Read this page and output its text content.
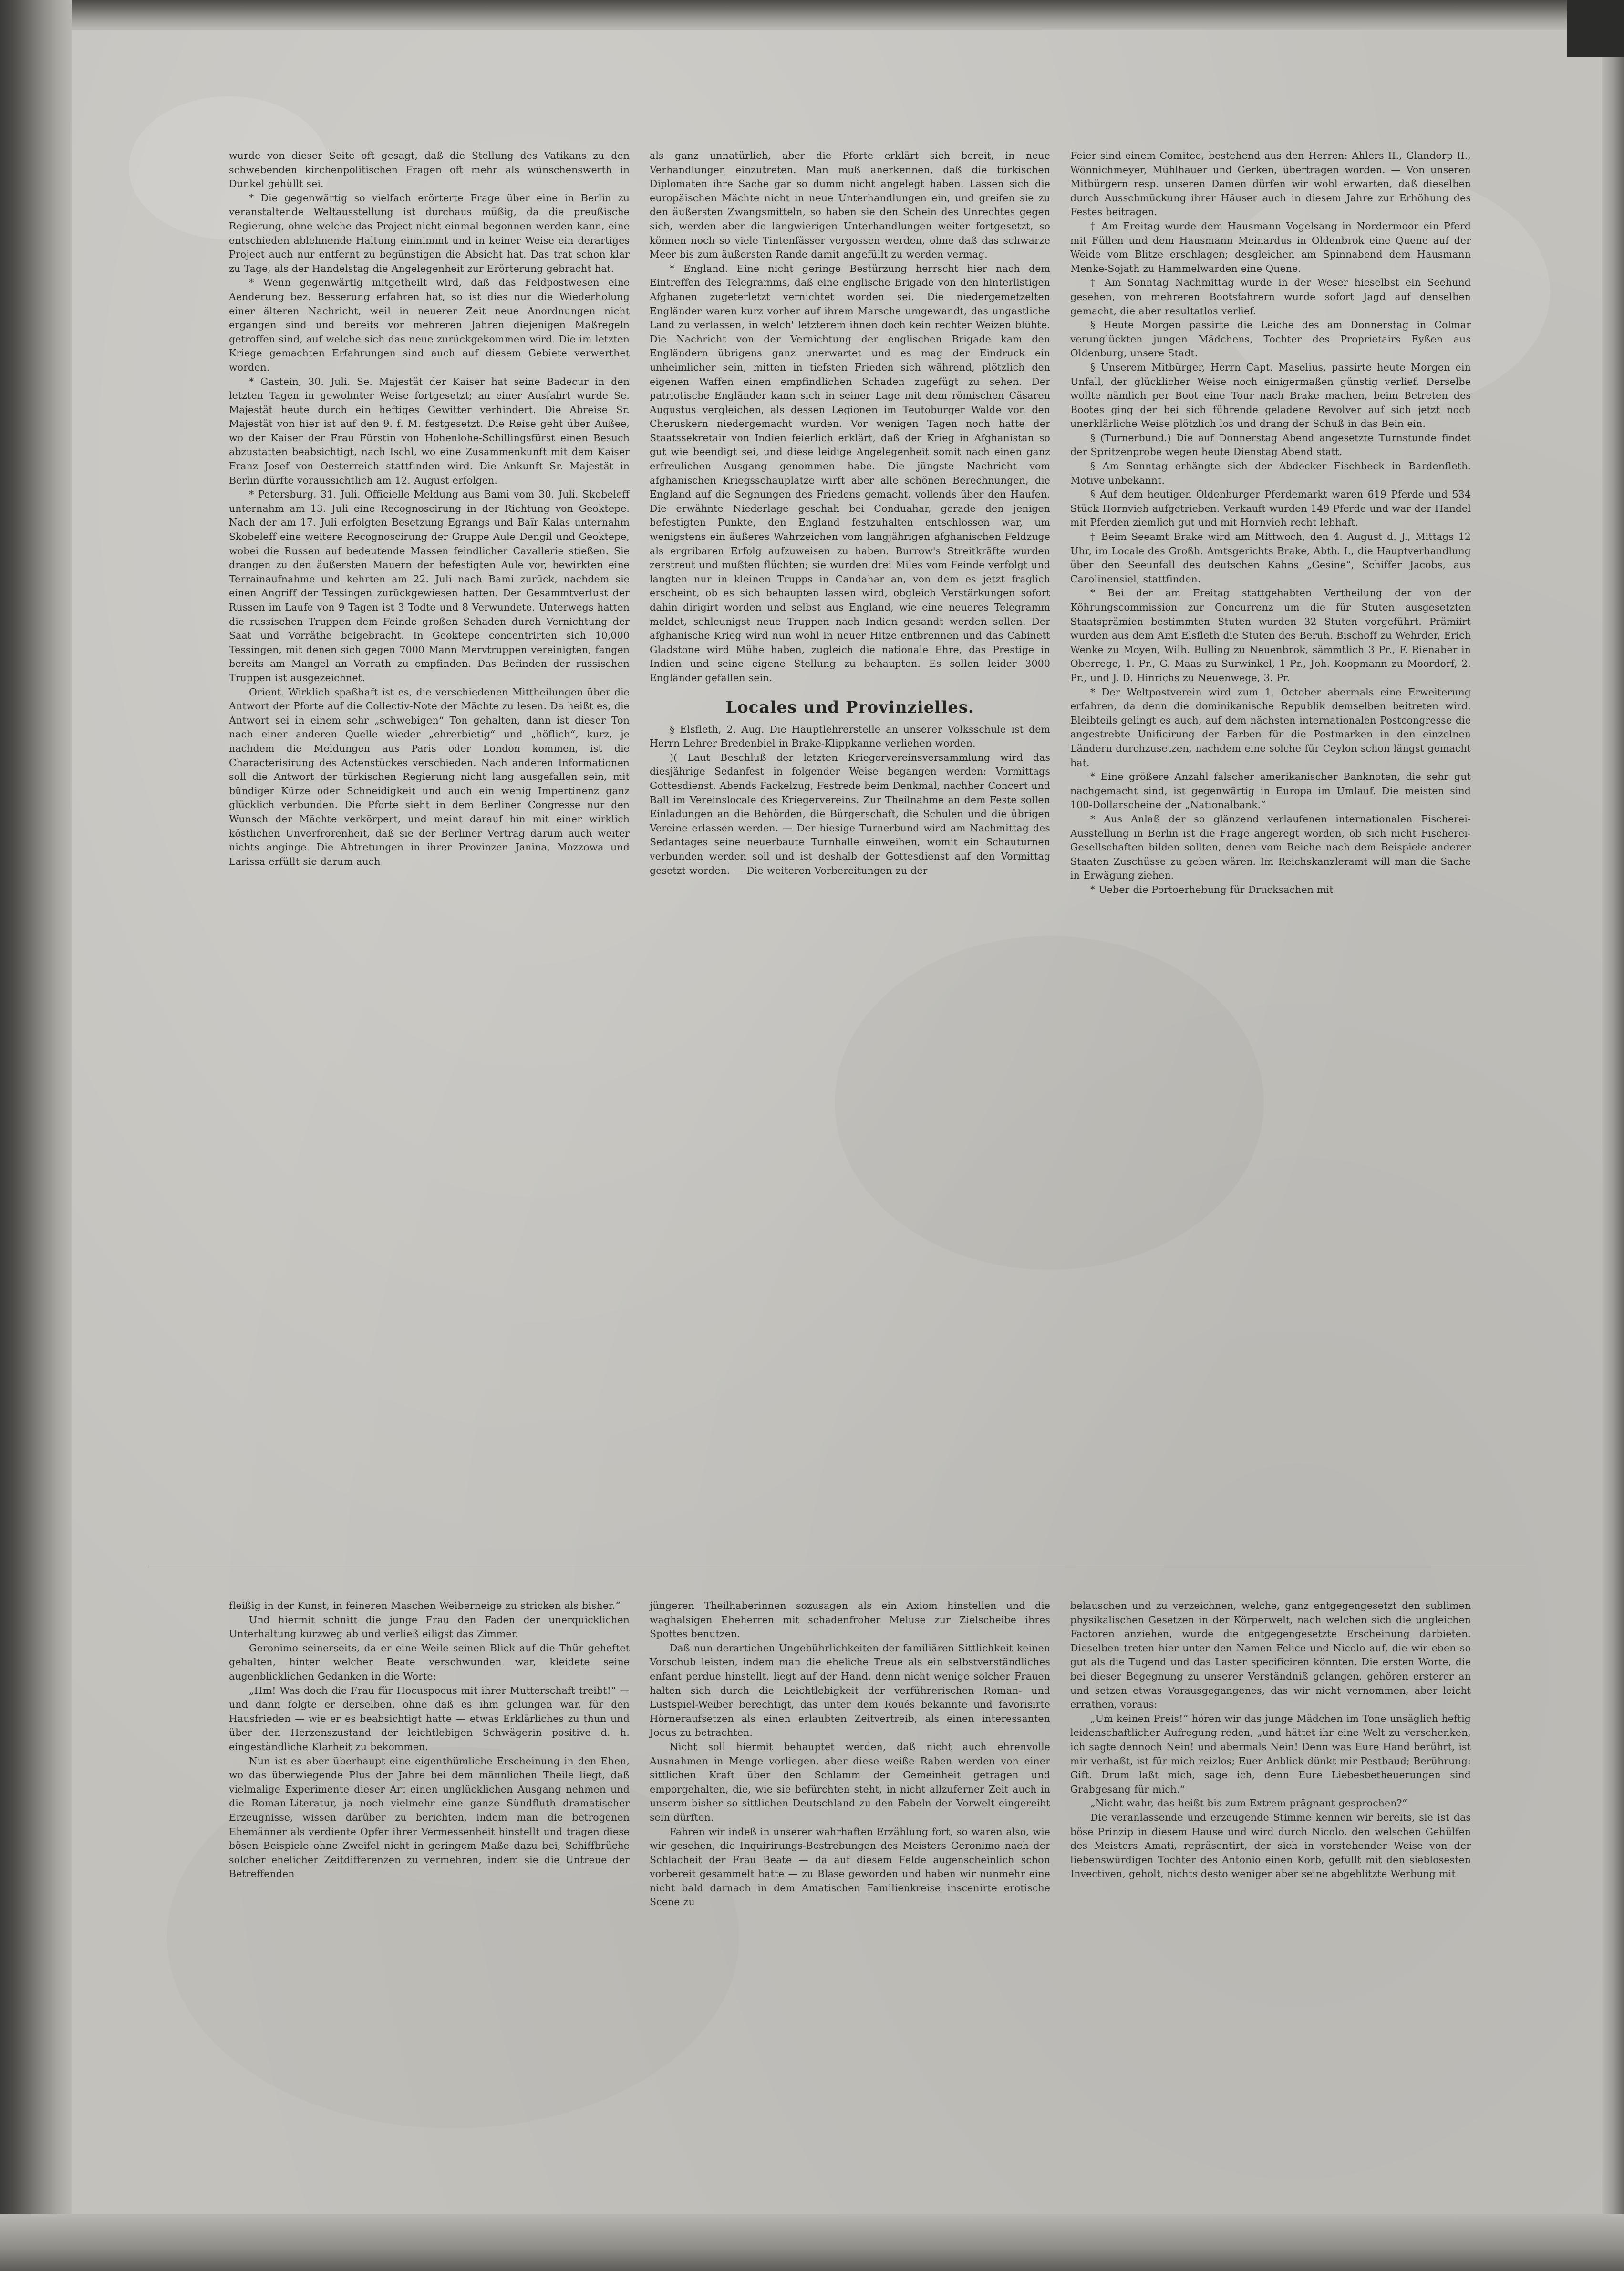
wurde von dieser Seite oft gesagt, daß die Stellung des Vatikans zu den schwebenden kirchenpolitischen Fragen oft mehr als wünschenswerth in Dunkel gehüllt sei.

* Die gegenwärtig so vielfach erörterte Frage über eine in Berlin zu veranstaltende Weltausstellung ist durchaus müßig, da die preußische Regierung, ohne welche das Project nicht einmal begonnen werden kann, eine entschieden ablehnende Haltung einnimmt und in keiner Weise ein derartiges Project auch nur entfernt zu begünstigen die Absicht hat. Das trat schon klar zu Tage, als der Handelstag die Angelegenheit zur Erörterung gebracht hat.

* Wenn gegenwärtig mitgetheilt wird, daß das Feldpostwesen eine Aenderung bez. Besserung erfahren hat, so ist dies nur die Wiederholung einer älteren Nachricht, weil in neuerer Zeit neue Anordnungen nicht ergangen sind und bereits vor mehreren Jahren diejenigen Maßregeln getroffen sind, auf welche sich das neue zurückgekommen wird. Die im letzten Kriege gemachten Erfahrungen sind auch auf diesem Gebiete verwerthet worden.

* Gastein, 30. Juli. Se. Majestät der Kaiser hat seine Badecur in den letzten Tagen in gewohnter Weise fortgesetzt; an einer Ausfahrt wurde Se. Majestät heute durch ein heftiges Gewitter verhindert. Die Abreise Sr. Majestät von hier ist auf den 9. f. M. festgesetzt. Die Reise geht über Außee, wo der Kaiser der Frau Fürstin von Hohenlohe-Schillingsfürst einen Besuch abzustatten beabsichtigt, nach Ischl, wo eine Zusammenkunft mit dem Kaiser Franz Josef von Oesterreich stattfinden wird. Die Ankunft Sr. Majestät in Berlin dürfte voraussichtlich am 12. August erfolgen.

* Petersburg, 31. Juli. Officielle Meldung aus Bami vom 30. Juli. Skobeleff unternahm am 13. Juli eine Recognoscirung in der Richtung von Geoktepe. Nach der am 17. Juli erfolgten Besetzung Egrangs und Baïr Kalas unternahm Skobeleff eine weitere Recognoscirung der Gruppe Aule Dengil und Geoktepe, wobei die Russen auf bedeutende Massen feindlicher Cavallerie stießen. Sie drangen zu den äußersten Mauern der befestigten Aule vor, bewirkten eine Terrainaufnahme und kehrten am 22. Juli nach Bami zurück, nachdem sie einen Angriff der Tessingen zurückgewiesen hatten. Der Gesammtverlust der Russen im Laufe von 9 Tagen ist 3 Todte und 8 Verwundete. Unterwegs hatten die russischen Truppen dem Feinde großen Schaden durch Vernichtung der Saat und Vorräthe beigebracht. In Geoktepe concentrirten sich 10,000 Tessingen, mit denen sich gegen 7000 Mann Mervtruppen vereinigten, fangen bereits am Mangel an Vorrath zu empfinden. Das Befinden der russischen Truppen ist ausgezeichnet.

Orient. Wirklich spaßhaft ist es, die verschiedenen Mittheilungen über die Antwort der Pforte auf die Collectiv-Note der Mächte zu lesen. Da heißt es, die Antwort sei in einem sehr „schwebigen“ Ton gehalten, dann ist dieser Ton nach einer anderen Quelle wieder „ehrerbietig“ und „höflich“, kurz, je nachdem die Meldungen aus Paris oder London kommen, ist die Characterisirung des Actenstückes verschieden. Nach anderen Informationen soll die Antwort der türkischen Regierung nicht lang ausgefallen sein, mit bündiger Kürze oder Schneidigkeit und auch ein wenig Impertinenz ganz glücklich verbunden. Die Pforte sieht in dem Berliner Congresse nur den Wunsch der Mächte verkörpert, und meint darauf hin mit einer wirklich köstlichen Unverfrorenheit, daß sie der Berliner Vertrag darum auch weiter nichts anginge. Die Abtretungen in ihrer Provinzen Janina, Mozzowa und Larissa erfüllt sie darum auch

als ganz unnatürlich, aber die Pforte erklärt sich bereit, in neue Verhandlungen einzutreten. Man muß anerkennen, daß die türkischen Diplomaten ihre Sache gar so dumm nicht angelegt haben. Lassen sich die europäischen Mächte nicht in neue Unterhandlungen ein, und greifen sie zu den äußersten Zwangsmitteln, so haben sie den Schein des Unrechtes gegen sich, werden aber die langwierigen Unterhandlungen weiter fortgesetzt, so können noch so viele Tintenfässer vergossen werden, ohne daß das schwarze Meer bis zum äußersten Rande damit angefüllt zu werden vermag.

* England. Eine nicht geringe Bestürzung herrscht hier nach dem Eintreffen des Telegramms, daß eine englische Brigade von den hinterlistigen Afghanen zugeterletzt vernichtet worden sei. Die niedergemetzelten Engländer waren kurz vorher auf ihrem Marsche umgewandt, das ungastliche Land zu verlassen, in welch' letzterem ihnen doch kein rechter Weizen blühte. Die Nachricht von der Vernichtung der englischen Brigade kam den Engländern übrigens ganz unerwartet und es mag der Eindruck ein unheimlicher sein, mitten in tiefsten Frieden sich während, plötzlich den eigenen Waffen einen empfindlichen Schaden zugefügt zu sehen. Der patriotische Engländer kann sich in seiner Lage mit dem römischen Cäsaren Augustus vergleichen, als dessen Legionen im Teutoburger Walde von den Cheruskern niedergemacht wurden. Vor wenigen Tagen noch hatte der Staatssekretair von Indien feierlich erklärt, daß der Krieg in Afghanistan so gut wie beendigt sei, und diese leidige Angelegenheit somit nach einen ganz erfreulichen Ausgang genommen habe. Die jüngste Nachricht vom afghanischen Kriegsschauplatze wirft aber alle schönen Berechnungen, die England auf die Segnungen des Friedens gemacht, vollends über den Haufen. Die erwähnte Niederlage geschah bei Conduahar, gerade den jenigen befestigten Punkte, den England festzuhalten entschlossen war, um wenigstens ein äußeres Wahrzeichen vom langjährigen afghanischen Feldzuge als ergribaren Erfolg aufzuweisen zu haben. Burrow's Streitkräfte wurden zerstreut und mußten flüchten; sie wurden drei Miles vom Feinde verfolgt und langten nur in kleinen Trupps in Candahar an, von dem es jetzt fraglich erscheint, ob es sich behaupten lassen wird, obgleich Verstärkungen sofort dahin dirigirt worden und selbst aus England, wie eine neueres Telegramm meldet, schleunigst neue Truppen nach Indien gesandt werden sollen. Der afghanische Krieg wird nun wohl in neuer Hitze entbrennen und das Cabinett Gladstone wird Mühe haben, zugleich die nationale Ehre, das Prestige in Indien und seine eigene Stellung zu behaupten. Es sollen leider 3000 Engländer gefallen sein.

Locales und Provinzielles.

§ Elsfleth, 2. Aug. Die Hauptlehrerstelle an unserer Volksschule ist dem Herrn Lehrer Bredenbiel in Brake-Klippkanne verliehen worden.

)( Laut Beschluß der letzten Kriegervereinsversammlung wird das diesjährige Sedanfest in folgender Weise begangen werden: Vormittags Gottesdienst, Abends Fackelzug, Festrede beim Denkmal, nachher Concert und Ball im Vereinslocale des Kriegervereins. Zur Theilnahme an dem Feste sollen Einladungen an die Behörden, die Bürgerschaft, die Schulen und die übrigen Vereine erlassen werden. — Der hiesige Turnerbund wird am Nachmittag des Sedantages seine neuerbaute Turnhalle einweihen, womit ein Schauturnen verbunden werden soll und ist deshalb der Gottesdienst auf den Vormittag gesetzt worden. — Die weiteren Vorbereitungen zu der

Feier sind einem Comitee, bestehend aus den Herren: Ahlers II., Glandorp II., Wönnichmeyer, Mühlhauer und Gerken, übertragen worden. — Von unseren Mitbürgern resp. unseren Damen dürfen wir wohl erwarten, daß dieselben durch Ausschmückung ihrer Häuser auch in diesem Jahre zur Erhöhung des Festes beitragen.

† Am Freitag wurde dem Hausmann Vogelsang in Nordermoor ein Pferd mit Füllen und dem Hausmann Meinardus in Oldenbrok eine Quene auf der Weide vom Blitze erschlagen; desgleichen am Spinnabend dem Hausmann Menke-Sojath zu Hammelwarden eine Quene.

† Am Sonntag Nachmittag wurde in der Weser hieselbst ein Seehund gesehen, von mehreren Bootsfahrern wurde sofort Jagd auf denselben gemacht, die aber resultatlos verlief.

§ Heute Morgen passirte die Leiche des am Donnerstag in Colmar verunglückten jungen Mädchens, Tochter des Proprietairs Eyßen aus Oldenburg, unsere Stadt.

§ Unserem Mitbürger, Herrn Capt. Maselius, passirte heute Morgen ein Unfall, der glücklicher Weise noch einigermaßen günstig verlief. Derselbe wollte nämlich per Boot eine Tour nach Brake machen, beim Betreten des Bootes ging der bei sich führende geladene Revolver auf sich jetzt noch unerklärliche Weise plötzlich los und drang der Schuß in das Bein ein.

§ (Turnerbund.) Die auf Donnerstag Abend angesetzte Turnstunde findet der Spritzenprobe wegen heute Dienstag Abend statt.

§ Am Sonntag erhängte sich der Abdecker Fischbeck in Bardenfleth. Motive unbekannt.

§ Auf dem heutigen Oldenburger Pferdemarkt waren 619 Pferde und 534 Stück Hornvieh aufgetrieben. Verkauft wurden 149 Pferde und war der Handel mit Pferden ziemlich gut und mit Hornvieh recht lebhaft.

† Beim Seeamt Brake wird am Mittwoch, den 4. August d. J., Mittags 12 Uhr, im Locale des Großh. Amtsgerichts Brake, Abth. I., die Hauptverhandlung über den Seeunfall des deutschen Kahns „Gesine“, Schiffer Jacobs, aus Carolinensiel, stattfinden.

* Bei der am Freitag stattgehabten Vertheilung der von der Köhrungscommission zur Concurrenz um die für Stuten ausgesetzten Staatsprämien bestimmten Stuten wurden 32 Stuten vorgeführt. Prämiirt wurden aus dem Amt Elsfleth die Stuten des Beruh. Bischoff zu Wehrder, Erich Wenke zu Moyen, Wilh. Bulling zu Neuenbrok, sämmtlich 3 Pr., F. Rienaber in Oberrege, 1. Pr., G. Maas zu Surwinkel, 1 Pr., Joh. Koopmann zu Moordorf, 2. Pr., und J. D. Hinrichs zu Neuenwege, 3. Pr.

* Der Weltpostverein wird zum 1. October abermals eine Erweiterung erfahren, da denn die dominikanische Republik demselben beitreten wird. Bleibteils gelingt es auch, auf dem nächsten internationalen Postcongresse die angestrebte Unificirung der Farben für die Postmarken in den einzelnen Ländern durchzusetzen, nachdem eine solche für Ceylon schon längst gemacht hat.

* Eine größere Anzahl falscher amerikanischer Banknoten, die sehr gut nachgemacht sind, ist gegenwärtig in Europa im Umlauf. Die meisten sind 100-Dollarscheine der „Nationalbank.“

* Aus Anlaß der so glänzend verlaufenen internationalen Fischerei-Ausstellung in Berlin ist die Frage angeregt worden, ob sich nicht Fischerei-Gesellschaften bilden sollten, denen vom Reiche nach dem Beispiele anderer Staaten Zuschüsse zu geben wären. Im Reichskanzleramt will man die Sache in Erwägung ziehen.

* Ueber die Portoerhebung für Drucksachen mit

fleißig in der Kunst, in feineren Maschen Weiberneige zu stricken als bisher.“

Und hiermit schnitt die junge Frau den Faden der unerquicklichen Unterhaltung kurzweg ab und verließ eiligst das Zimmer.

Geronimo seinerseits, da er eine Weile seinen Blick auf die Thür geheftet gehalten, hinter welcher Beate verschwunden war, kleidete seine augenblicklichen Gedanken in die Worte:

„Hm! Was doch die Frau für Hocuspocus mit ihrer Mutterschaft treibt!“ — und dann folgte er derselben, ohne daß es ihm gelungen war, für den Hausfrieden — wie er es beabsichtigt hatte — etwas Erklärliches zu thun und über den Herzenszustand der leichtlebigen Schwägerin positive d. h. eingeständliche Klarheit zu bekommen.

Nun ist es aber überhaupt eine eigenthümliche Erscheinung in den Ehen, wo das überwiegende Plus der Jahre bei dem männlichen Theile liegt, daß vielmalige Experimente dieser Art einen unglücklichen Ausgang nehmen und die Roman-Literatur, ja noch vielmehr eine ganze Sündfluth dramatischer Erzeugnisse, wissen darüber zu berichten, indem man die betrogenen Ehemänner als verdiente Opfer ihrer Vermessenheit hinstellt und tragen diese bösen Beispiele ohne Zweifel nicht in geringem Maße dazu bei, Schiffbrüche solcher ehelicher Zeitdifferenzen zu vermehren, indem sie die Untreue der Betreffenden

jüngeren Theilhaberinnen sozusagen als ein Axiom hinstellen und die waghalsigen Eheherren mit schadenfroher Meluse zur Zielscheibe ihres Spottes benutzen.

Daß nun derartichen Ungebührlichkeiten der familiären Sittlichkeit keinen Vorschub leisten, indem man die eheliche Treue als ein selbstverständliches enfant perdue hinstellt, liegt auf der Hand, denn nicht wenige solcher Frauen halten sich durch die Leichtlebigkeit der verführerischen Roman- und Lustspiel-Weiber berechtigt, das unter dem Roués bekannte und favorisirte Hörneraufsetzen als einen erlaubten Zeitvertreib, als einen interessanten Jocus zu betrachten.

Nicht soll hiermit behauptet werden, daß nicht auch ehrenvolle Ausnahmen in Menge vorliegen, aber diese weiße Raben werden von einer sittlichen Kraft über den Schlamm der Gemeinheit getragen und emporgehalten, die, wie sie befürchten steht, in nicht allzuferner Zeit auch in unserm bisher so sittlichen Deutschland zu den Fabeln der Vorwelt eingereiht sein dürften.

Fahren wir indeß in unserer wahrhaften Erzählung fort, so waren also, wie wir gesehen, die Inquirirungs-Bestrebungen des Meisters Geronimo nach der Schlacheit der Frau Beate — da auf diesem Felde augenscheinlich schon vorbereit gesammelt hatte — zu Blase geworden und haben wir nunmehr eine nicht bald darnach in dem Amatischen Familienkreise inscenirte erotische Scene zu

belauschen und zu verzeichnen, welche, ganz entgegengesetzt den sublimen physikalischen Gesetzen in der Körperwelt, nach welchen sich die ungleichen Factoren anziehen, wurde die entgegengesetzte Erscheinung darbieten. Dieselben treten hier unter den Namen Felice und Nicolo auf, die wir eben so gut als die Tugend und das Laster specificiren könnten. Die ersten Worte, die bei dieser Begegnung zu unserer Verständniß gelangen, gehören ersterer an und setzen etwas Vorausgegangenes, das wir nicht vernommen, aber leicht errathen, voraus:

„Um keinen Preis!“ hören wir das junge Mädchen im Tone unsäglich heftig leidenschaftlicher Aufregung reden, „und hättet ihr eine Welt zu verschenken, ich sagte dennoch Nein! und abermals Nein! Denn was Eure Hand berührt, ist mir verhaßt, ist für mich reizlos; Euer Anblick dünkt mir Pestbaud; Berührung: Gift. Drum laßt mich, sage ich, denn Eure Liebesbetheuerungen sind Grabgesang für mich.“

„Nicht wahr, das heißt bis zum Extrem prägnant gesprochen?“

Die veranlassende und erzeugende Stimme kennen wir bereits, sie ist das böse Prinzip in diesem Hause und wird durch Nicolo, den welschen Gehülfen des Meisters Amati, repräsentirt, der sich in vorstehender Weise von der liebenswürdigen Tochter des Antonio einen Korb, gefüllt mit den sieblosesten Invectiven, geholt, nichts desto weniger aber seine abgeblitzte Werbung mit
